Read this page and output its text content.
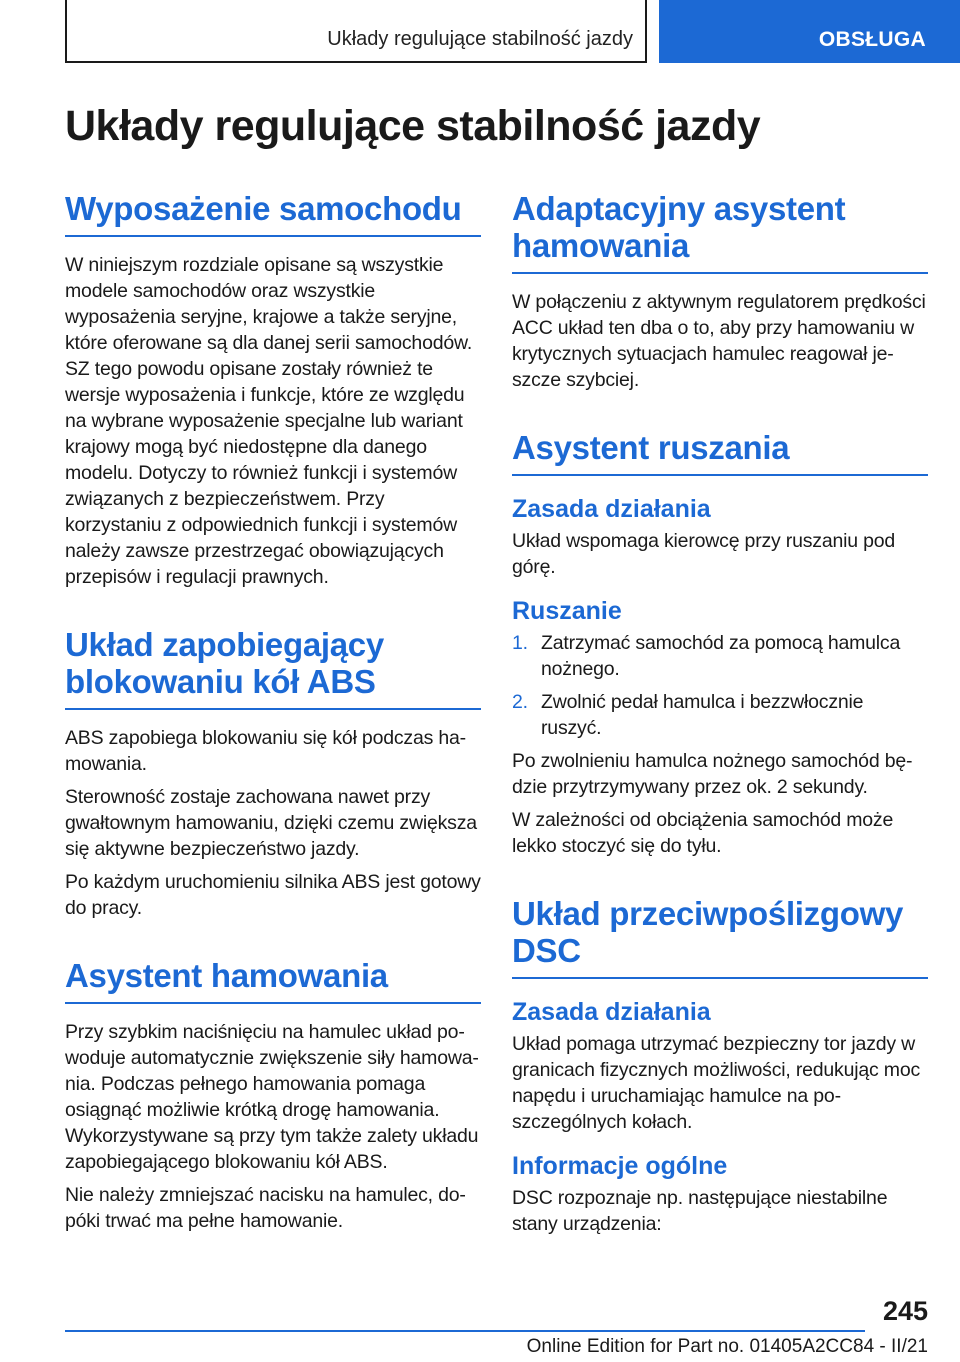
Układy regulujące stabilność jazdy	OBSŁUGA
Układy regulujące stabilność jazdy
Wyposażenie samochodu

W niniejszym rozdziale opisane są wszystkie modele samochodów oraz wszystkie wyposażenia seryjne, krajowe a także seryjne, które oferowane są dla danej serii samochodów. SZ tego powodu opisane zostały również te wersje wyposażenia i funkcje, które ze względu na wybrane wyposażenie specjalne lub wariant krajowy mogą być niedostępne dla danego modelu. Dotyczy to również funkcji i systemów związanych z bezpieczeństwem. Przy korzystaniu z odpowiednich funkcji i systemów należy zawsze przestrzegać obowiązujących przepisów i regulacji prawnych.

Układ zapobiegający blokowaniu kół ABS

ABS zapobiega blokowaniu się kół podczas hamowania.

Sterowność zostaje zachowana nawet przy gwałtownym hamowaniu, dzięki czemu zwiększa się aktywne bezpieczeństwo jazdy.

Po każdym uruchomieniu silnika ABS jest gotowy do pracy.

Asystent hamowania

Przy szybkim naciśnięciu na hamulec układ powoduje automatycznie zwiększenie siły hamowania. Podczas pełnego hamowania pomaga osiągnąć możliwie krótką drogę hamowania. Wykorzystywane są przy tym także zalety układu zapobiegającego blokowaniu kół ABS.

Nie należy zmniejszać nacisku na hamulec, dopóki trwać ma pełne hamowanie.

Adaptacyjny asystent hamowania

W połączeniu z aktywnym regulatorem prędkości ACC układ ten dba o to, aby przy hamowaniu w krytycznych sytuacjach hamulec reagował jeszcze szybciej.

Asystent ruszania
Zasada działania

Układ wspomaga kierowcę przy ruszaniu pod górę.

Ruszanie
1. Zatrzymać samochód za pomocą hamulca nożnego.
2. Zwolnić pedał hamulca i bezzwłocznie ruszyć.

Po zwolnieniu hamulca nożnego samochód będzie przytrzymywany przez ok. 2 sekundy.

W zależności od obciążenia samochód może lekko stoczyć się do tyłu.

Układ przeciwpoślizgowy DSC
Zasada działania

Układ pomaga utrzymać bezpieczny tor jazdy w granicach fizycznych możliwości, redukując moc napędu i uruchamiając hamulce na poszczególnych kołach.

Informacje ogólne

DSC rozpoznaje np. następujące niestabilne stany urządzenia:

245
Online Edition for Part no. 01405A2CC84 - II/21
